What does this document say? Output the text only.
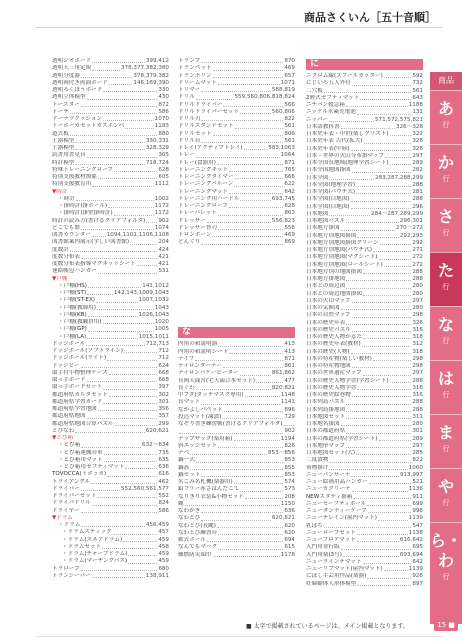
商品さくいん［五十音順］
透明ジオボード	399,412
透明天三角定規	378,377,382,380
透明分度器	378,379,382
透明両付き両面ボード	146,169,390
透明ろくぼうボード	330
透明立体模型	430
トースター	872
トーチ	586
ドーナツクッション	1070
トーホーカセットガスボンベ	1183
道式板	880
土器模型	330,331
土器模型	328,329
読書用書見台	305
時計模型	718,724
特殊トレーニングロープ	628
特別支援教材関係	605
特別支援教育用	1112
▼時計
・時計	1002
・掛時計(掛ボール)	1172
・掛時計(掛壁掛時計)	1172
時計の読み方(書けるクリアフォルダ) 902
どこでも盤	1074
図書カウンター	1094,1101,1106,1108
図書館案内展示(学しい図書館)	204
度数計	424
度数分布表	421
度数分布表指導マグネットシート	421
連絡帳包ハンガー	531
▼戸棚
・戸棚(HS)	141,1012
・戸棚(ST)	142,143,1009,1043
・戸棚(ST-EX)	1007,1032
・戸棚(教師用)	1043
・戸棚(KB)	1026,1043
・戸棚(教職員用)	1020
・戸棚(GP)	1005
・戸棚(LA)	1015,1011
ドッジボール	712,713
ドッジボール(ソフトライン)	712
ドッジボール(ライト)	712
ドッジビー	624
取手付小物整理ケース	668
取っ手ボード	668
取っ手ボードセット	397
都道府県カルタセット	302
都道府県学習カード	301
都道府県学習地図	356
都道府県地図	357
都道府県地図合算パズル	299
とびなわ	620,621
▼とび箱
・とび箱	632〜634
・とび箱運搬台車	735
・とび箱用マット	635
・とび箱用セフティマット	636
TOVOCCA(トボッカ)	616
トライアングル	462
ドライバー	552,560,561,577
ドライバーセット	552
ドライバドリル	824
ドライヤー	586
▼ドラム
・ドラム	456,459
・ドラムスティック	457
・ドラム(スネアドラム)	459
・ドラムセット	458
・ドラム(チャーブドラム)	459
・ドラム(マーチングバス)	459
トラロープ	680
トランシーバー	138,911
トランプ	870
トランペット	469
トランポリン	657
ドリームマット	1071
トリマー	588,819
ドリル	559,560,806,818,824
ドリルドライバー	566
ドリルドライバーセット	560,806
ドリル刃	822
ドリルスタンドセット	561
ドリルセット	806
ドリル台	561
トレイ(アクティブトレイ)	583,1063
トレー	1064
トレー(食器用)	871
トレーニングキット	765
トレーニングタイマー	666
トレーニングバルーン	622
トレーニングマット	642
トレーニング用ハードル	693,745
トレーニングロープ	628
トレーパレット	863
ドレッサー	556,823
ドレッサー替刃	556
トロンボーン	469
どんぐり	869
な
内角の和説明器	413
内角の和説明シート	413
ナイフ	871
ナイロンターナー	861
ナイロンバケービーター	861,862
長岡天満宮(宅天満合本セット)	477
長ぐわ	820,821
中プタ(ダッテマスク専用)	1148
長マット	1141
なかよしパペット	896
投込マット(凍漬)	729
なぞり書き練習帳(書けるクリアフォルダ)
902
ナップザック(楽用箱)	1194
斜エッジセット	826
ナベ	853〜856
鍋一式	853
鍋蓋	855
鍋セット	853
名ごみ名札機(楽器用)	574
鉛フリー赤さはんだこて	573
なりきり衣装&小物セット	208
縄	1150
なわがき	636
なわとび	620,621
なわとび(長縄)	620
なわとび練習台	620
軟式ボール	694
なんでもマーク	615
難燃防災頭巾	1178
に
ニクロム線(スプールカッター)	592
にじいろ五人外符	732
二穴板	561
2層式セフティマット	643
ニチバン救急箱	1188
ニッケル水素充電池	131
ニッパー	571,572,575,821
日本語教科書	326〜328
日本史年表・中世(楽しグリスト)	322
日本史年表 古代(拡大)	326
日本史年表(中陸)	326
日本・世界の火山分布掛マップ	297
日本全国長地域(地理学習シート)	289
日本全国地図掛図	282
日本全図	283,287,288,299
日本全図(地理学習)	288
日本全図(パウチ式)	281
日本全図(白地図)	288
日本全図(白地図)	296
日本地図	284〜287,289,299
日本地図パズル	296,301
日本地方掛図	270〜272
日本地方別地図掛図	292,293
日本地方別地図掛図グリーン	292
日本地方別地図(パウチ式)	271
日本地方別地図(マグシート)	272
日本地方別地図(ロールシート)	272
日本地方別の地図掛図	288
日本地方掛地図	288
日本との周辺図	280
日本との周辺地図掛図	280
日本の火山マップ	297
日本の気候図	280
日本の自然マップ	298
日本の歴史年表	326
日本の歴史パズル	316
日本の歴史人物かるた	318
日本の歴史年表(教材)	312
日本の歴史(人物)	318
日本の特産物(楽しい教材)	298
日本の特産物地図	298
日本の世界遺産マップ	297
日本の歴史人物学習(学習シート)	288
日本の歴史人物学習	316
日本の歴史絵巻物	316
日本列島パズル	288
日本列島掛地図	288
日本地図セット	311
日本地名掛図	280
日本の都道府県	301
日本の都道府県(学習シート)	289
日本地形マップ	297
日本地図セット(大)	285
二度漬物	822
荷物掛け	1060
ニューバンサーナ	913,997
ニュー絵画用品ハンガー	521
ニューカクリーナ	1136
NEWスタディ掛箱	911
ニューセーフティボール	699
ニューダンディーケープ	996
ニューテレイン(屋内マット)	1139
乳ばち	547
ニューロープセット	1138
ニューフロアマット	616,642
入門用並行版	695
入門用楽(3号)	693,694
ニューラインテマット	642
ニューリブマット(屋内マット)	1139
にぼし手芸用作品(楽器)	926
妊婦婦体人形体模型	897
商品
あ
行
か
行
さ
行
た
行
な
行
は
行
ま
行
や
行
ら・わ
行
■ 太字で掲載されているページは、メイン掲載となります。	15 ■
